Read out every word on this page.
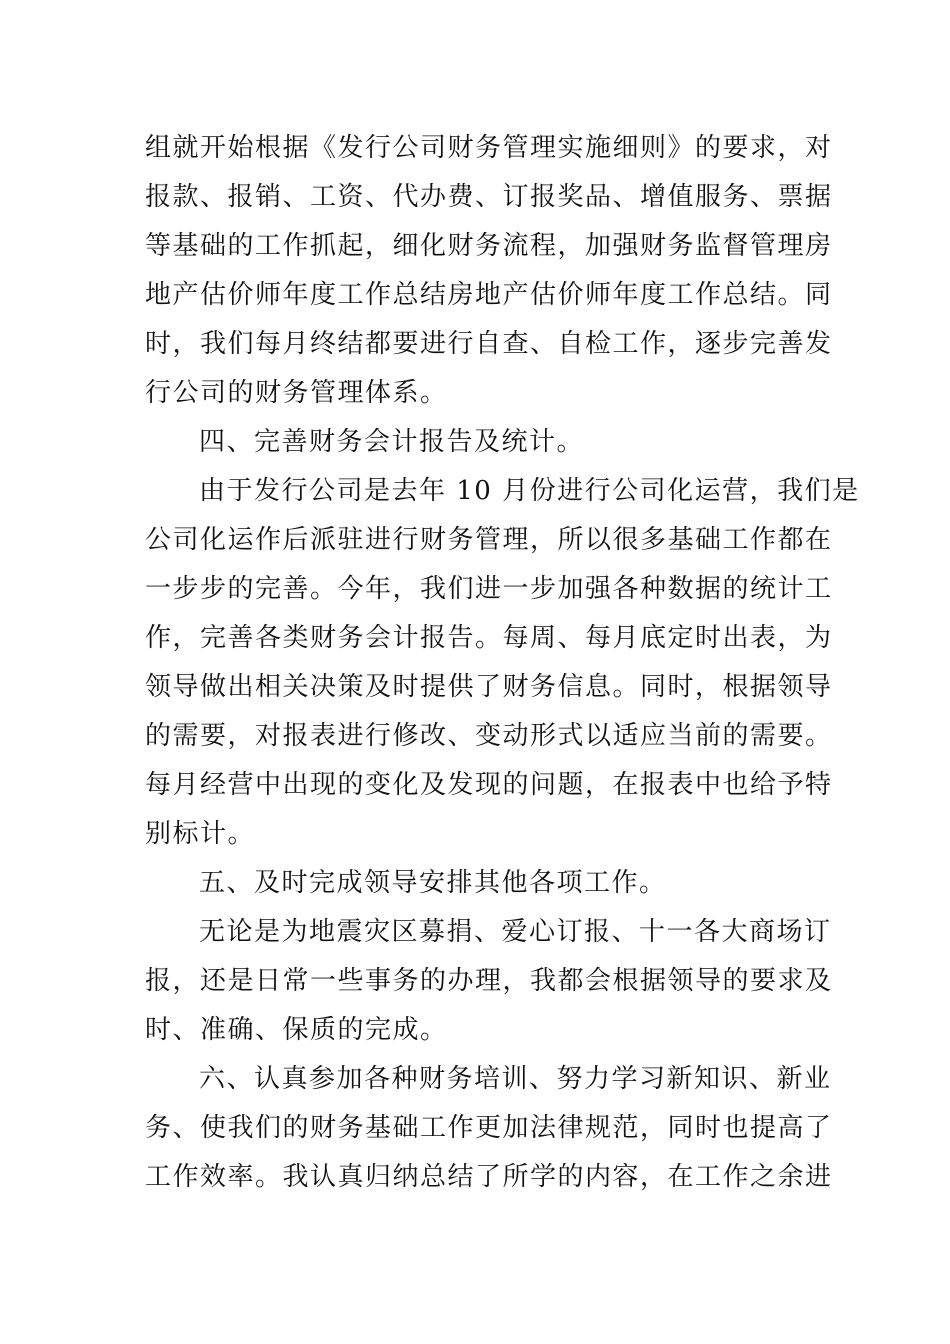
组就开始根据《发行公司财务管理实施细则》的要求，对
报款、报销、工资、代办费、订报奖品、增值服务、票据
等基础的工作抓起，细化财务流程，加强财务监督管理房
地产估价师年度工作总结房地产估价师年度工作总结。同
时，我们每月终结都要进行自查、自检工作，逐步完善发
行公司的财务管理体系。
四、完善财务会计报告及统计。
由于发行公司是去年 10 月份进行公司化运营，我们是
公司化运作后派驻进行财务管理，所以很多基础工作都在
一步步的完善。今年，我们进一步加强各种数据的统计工
作，完善各类财务会计报告。每周、每月底定时出表，为
领导做出相关决策及时提供了财务信息。同时，根据领导
的需要，对报表进行修改、变动形式以适应当前的需要。
每月经营中出现的变化及发现的问题，在报表中也给予特
别标计。
五、及时完成领导安排其他各项工作。
无论是为地震灾区募捐、爱心订报、十一各大商场订
报，还是日常一些事务的办理，我都会根据领导的要求及
时、准确、保质的完成。
六、认真参加各种财务培训、努力学习新知识、新业
务、使我们的财务基础工作更加法律规范，同时也提高了
工作效率。我认真归纳总结了所学的内容，在工作之余进
